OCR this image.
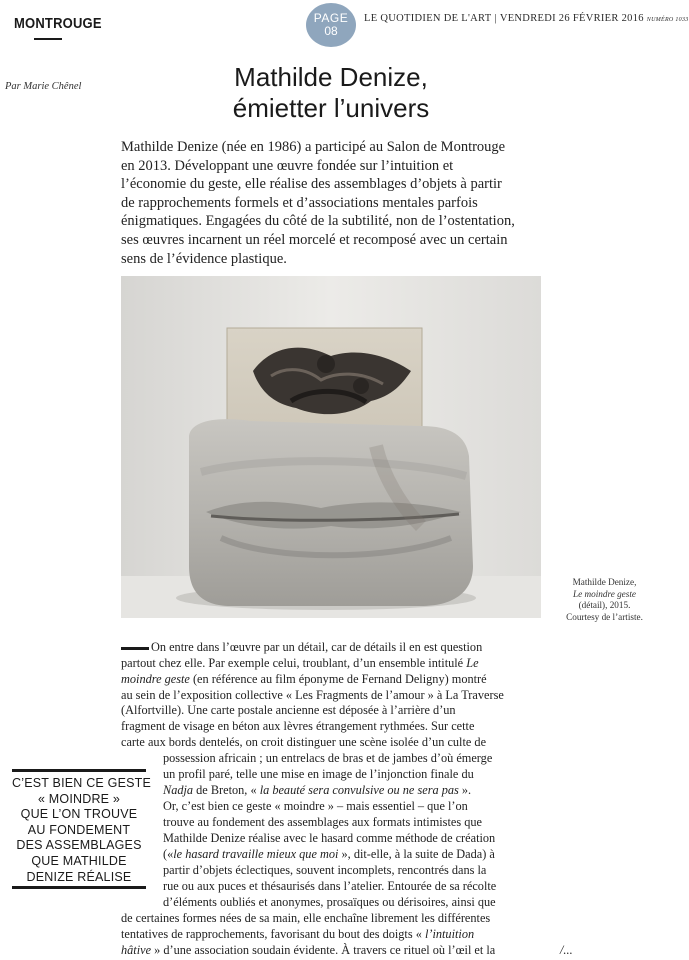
MONTROUGE	PAGE
08
LE QUOTIDIEN DE L'ART | VENDREDI 26 FÉVRIER 2016 NUMÉRO 1033
Par Marie Chênel	Mathilde Denize,
émietter l’univers
Mathilde Denize (née en 1986) a participé au Salon de Montrouge
en 2013. Développant une œuvre fondée sur l’intuition et
l’économie du geste, elle réalise des assemblages d’objets à partir
de rapprochements formels et d’associations mentales parfois
énigmatiques. Engagées du côté de la subtilité, non de l’ostentation,
ses œuvres incarnent un réel morcelé et recomposé avec un certain
sens de l’évidence plastique.
Mathilde Denize,
Le moindre geste
(détail), 2015.
Courtesy de l’artiste.
On entre dans l’œuvre par un détail, car de détails il en est question
partout chez elle. Par exemple celui, troublant, d’un ensemble intitulé Le
moindre geste (en référence au film éponyme de Fernand Deligny) montré
au sein de l’exposition collective « Les Fragments de l’amour » à La Traverse
(Alfortville). Une carte postale ancienne est déposée à l’arrière d’un
fragment de visage en béton aux lèvres étrangement rythmées. Sur cette
carte aux bords dentelés, on croit distinguer une scène isolée d’un culte de
possession africain ; un entrelacs de bras et de jambes d’où émerge
un profil paré, telle une mise en image de l’injonction finale du
Nadja de Breton, « la beauté sera convulsive ou ne sera pas ».
Or, c’est bien ce geste « moindre » – mais essentiel – que l’on
trouve au fondement des assemblages aux formats intimistes que
Mathilde Denize réalise avec le hasard comme méthode de création
(«le hasard travaille mieux que moi », dit-elle, à la suite de Dada) à
partir d’objets éclectiques, souvent incomplets, rencontrés dans la
rue ou aux puces et thésaurisés dans l’atelier. Entourée de sa récolte
d’éléments oubliés et anonymes, prosaïques ou dérisoires, ainsi que
de certaines formes nées de sa main, elle enchaîne librement les différentes
tentatives de rapprochements, favorisant du bout des doigts « l’intuition
hâtive » d’une association soudain évidente. À travers ce rituel où l’œil et la	/...
C’EST BIEN CE GESTE
« MOINDRE »
QUE L’ON TROUVE
AU FONDEMENT
DES ASSEMBLAGES
QUE MATHILDE
DENIZE RÉALISE
